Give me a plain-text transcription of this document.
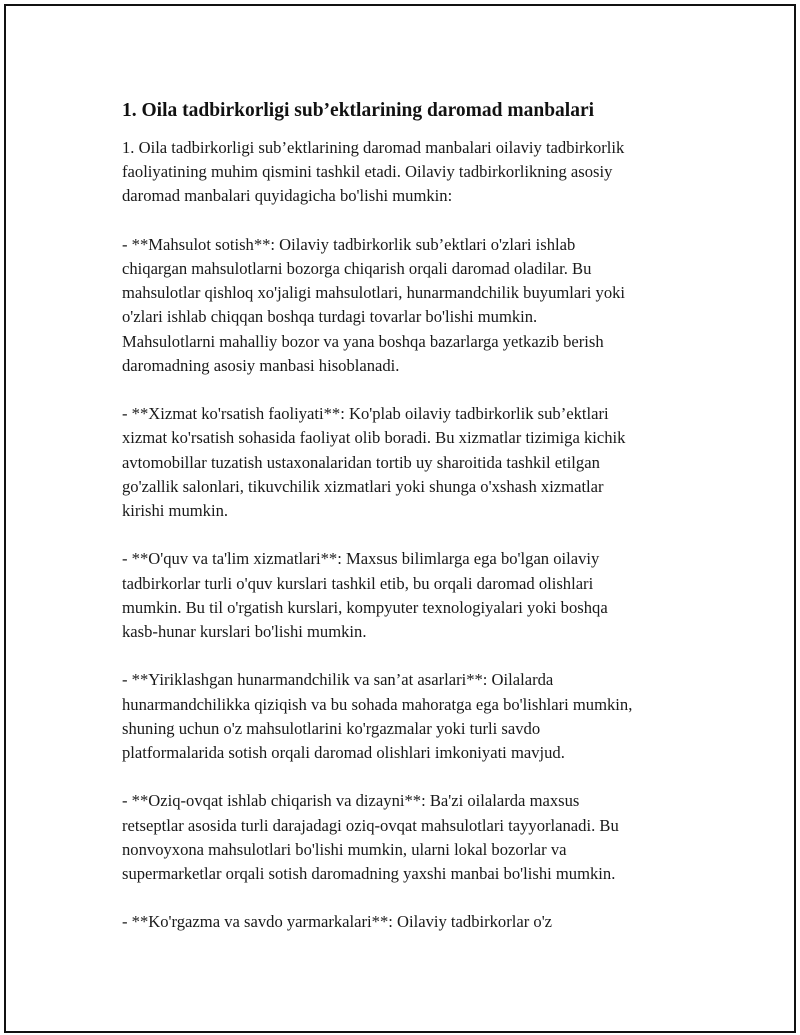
1. Oila tadbirkorligi sub’ektlarining daromad manbalari
1. Oila tadbirkorligi sub’ektlarining daromad manbalari oilaviy tadbirkorlik
faoliyatining muhim qismini tashkil etadi. Oilaviy tadbirkorlikning asosiy
daromad manbalari quyidagicha bo'lishi mumkin:
- **Mahsulot sotish**: Oilaviy tadbirkorlik sub’ektlari o'zlari ishlab
chiqargan mahsulotlarni bozorga chiqarish orqali daromad oladilar. Bu
mahsulotlar qishloq xo'jaligi mahsulotlari, hunarmandchilik buyumlari yoki
o'zlari ishlab chiqqan boshqa turdagi tovarlar bo'lishi mumkin.
Mahsulotlarni mahalliy bozor va yana boshqa bazarlarga yetkazib berish
daromadning asosiy manbasi hisoblanadi.
- **Xizmat ko'rsatish faoliyati**: Ko'plab oilaviy tadbirkorlik sub’ektlari
xizmat ko'rsatish sohasida faoliyat olib boradi. Bu xizmatlar tizimiga kichik
avtomobillar tuzatish ustaxonalaridan tortib uy sharoitida tashkil etilgan
go'zallik salonlari, tikuvchilik xizmatlari yoki shunga o'xshash xizmatlar
kirishi mumkin.
- **O'quv va ta'lim xizmatlari**: Maxsus bilimlarga ega bo'lgan oilaviy
tadbirkorlar turli o'quv kurslari tashkil etib, bu orqali daromad olishlari
mumkin. Bu til o'rgatish kurslari, kompyuter texnologiyalari yoki boshqa
kasb-hunar kurslari bo'lishi mumkin.
- **Yiriklashgan hunarmandchilik va san’at asarlari**: Oilalarda
hunarmandchilikka qiziqish va bu sohada mahoratga ega bo'lishlari mumkin,
shuning uchun o'z mahsulotlarini ko'rgazmalar yoki turli savdo
platformalarida sotish orqali daromad olishlari imkoniyati mavjud.
- **Oziq-ovqat ishlab chiqarish va dizayni**: Ba'zi oilalarda maxsus
retseptlar asosida turli darajadagi oziq-ovqat mahsulotlari tayyorlanadi. Bu
nonvoyxona mahsulotlari bo'lishi mumkin, ularni lokal bozorlar va
supermarketlar orqali sotish daromadning yaxshi manbai bo'lishi mumkin.
- **Ko'rgazma va savdo yarmarkalari**: Oilaviy tadbirkorlar o'z
